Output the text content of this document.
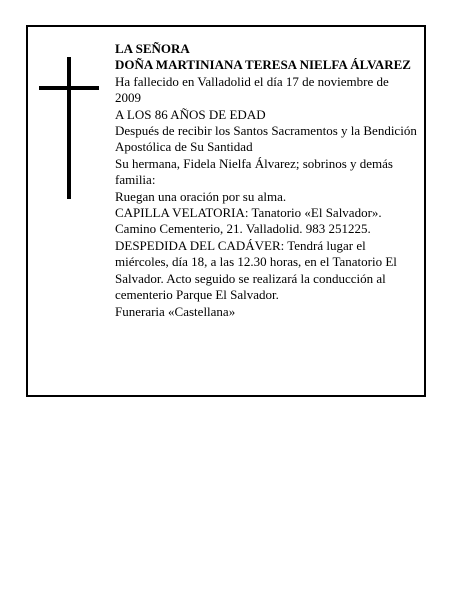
LA SEÑORA

DOÑA MARTINIANA TERESA NIELFA ÁLVAREZ

Ha fallecido en Valladolid el día 17 de noviembre de 2009

A LOS 86 AÑOS DE EDAD

Después de recibir los Santos Sacramentos y la Bendición Apostólica de Su Santidad

Su hermana, Fidela Nielfa Álvarez; sobrinos y demás familia:

Ruegan una oración por su alma.

CAPILLA VELATORIA: Tanatorio «El Salvador». Camino Cementerio, 21. Valladolid. 983 251225.

DESPEDIDA DEL CADÁVER: Tendrá lugar el miércoles, día 18, a las 12.30 horas, en el Tanatorio El Salvador. Acto seguido se realizará la conducción al cementerio Parque El Salvador.

Funeraria «Castellana»
